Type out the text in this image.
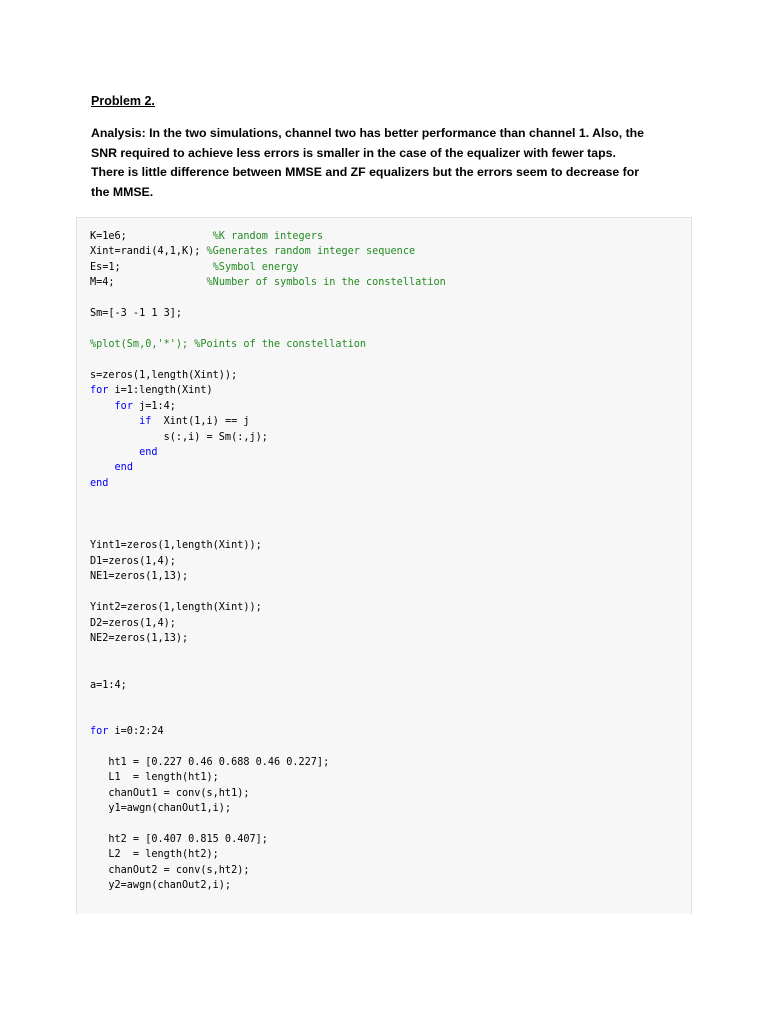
Problem 2.

Analysis: In the two simulations, channel two has better performance than channel 1. Also, the SNR required to achieve less errors is smaller in the case of the equalizer with fewer taps. There is little difference between MMSE and ZF equalizers but the errors seem to decrease for the MMSE.

K=1e6;              %K random integers
Xint=randi(4,1,K); %Generates random integer sequence
Es=1;               %Symbol energy
M=4;               %Number of symbols in the constellation
Sm=[-3 -1 1 3];
%plot(Sm,0,'*'); %Points of the constellation
s=zeros(1,length(Xint));
for i=1:length(Xint)
for j=1:4;
if  Xint(1,i) == j
s(:,i) = Sm(:,j);
end
end
end
Yint1=zeros(1,length(Xint));
D1=zeros(1,4);
NE1=zeros(1,13);
Yint2=zeros(1,length(Xint));
D2=zeros(1,4);
NE2=zeros(1,13);
a=1:4;
for i=0:2:24
ht1 = [0.227 0.46 0.688 0.46 0.227];
L1  = length(ht1);
chanOut1 = conv(s,ht1);
y1=awgn(chanOut1,i);
ht2 = [0.407 0.815 0.407];
L2  = length(ht2);
chanOut2 = conv(s,ht2);
y2=awgn(chanOut2,i);
